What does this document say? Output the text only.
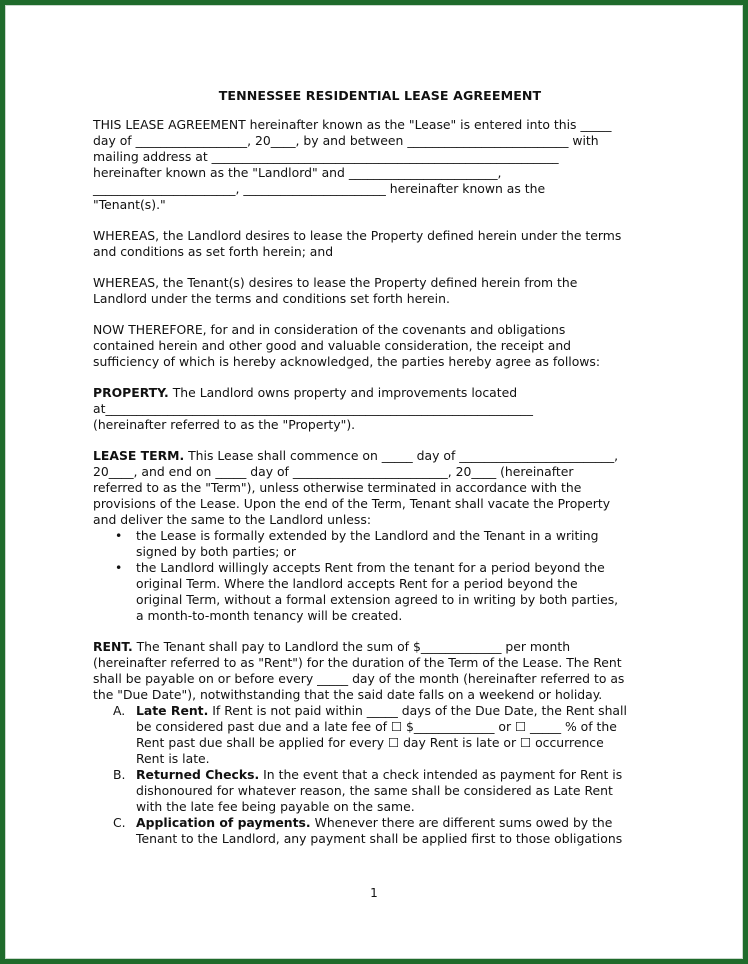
TENNESSEE RESIDENTIAL LEASE AGREEMENT
THIS LEASE AGREEMENT hereinafter known as the "Lease" is entered into this _____
day of __________________, 20____, by and between __________________________ with
mailing address at ________________________________________________________
hereinafter known as the "Landlord" and ________________________,
_______________________, _______________________ hereinafter known as the
"Tenant(s)."
WHEREAS, the Landlord desires to lease the Property defined herein under the terms
and conditions as set forth herein; and
WHEREAS, the Tenant(s) desires to lease the Property defined herein from the
Landlord under the terms and conditions set forth herein.
NOW THEREFORE, for and in consideration of the covenants and obligations
contained herein and other good and valuable consideration, the receipt and
sufficiency of which is hereby acknowledged, the parties hereby agree as follows:
PROPERTY. The Landlord owns property and improvements located
at_____________________________________________________________________
(hereinafter referred to as the "Property").
LEASE TERM. This Lease shall commence on _____ day of _________________________,
20____, and end on _____ day of _________________________, 20____ (hereinafter
referred to as the "Term"), unless otherwise terminated in accordance with the
provisions of the Lease. Upon the end of the Term, Tenant shall vacate the Property
and deliver the same to the Landlord unless:
• the Lease is formally extended by the Landlord and the Tenant in a writing
signed by both parties; or
• the Landlord willingly accepts Rent from the tenant for a period beyond the
original Term. Where the landlord accepts Rent for a period beyond the
original Term, without a formal extension agreed to in writing by both parties,
a month-to-month tenancy will be created.
RENT. The Tenant shall pay to Landlord the sum of $_____________ per month
(hereinafter referred to as "Rent") for the duration of the Term of the Lease. The Rent
shall be payable on or before every _____ day of the month (hereinafter referred to as
the "Due Date"), notwithstanding that the said date falls on a weekend or holiday.
A. Late Rent. If Rent is not paid within _____ days of the Due Date, the Rent shall
be considered past due and a late fee of ☐ $_____________ or ☐ _____ % of the
Rent past due shall be applied for every ☐ day Rent is late or ☐ occurrence
Rent is late.
B. Returned Checks. In the event that a check intended as payment for Rent is
dishonoured for whatever reason, the same shall be considered as Late Rent
with the late fee being payable on the same.
C. Application of payments. Whenever there are different sums owed by the
Tenant to the Landlord, any payment shall be applied first to those obligations
1
